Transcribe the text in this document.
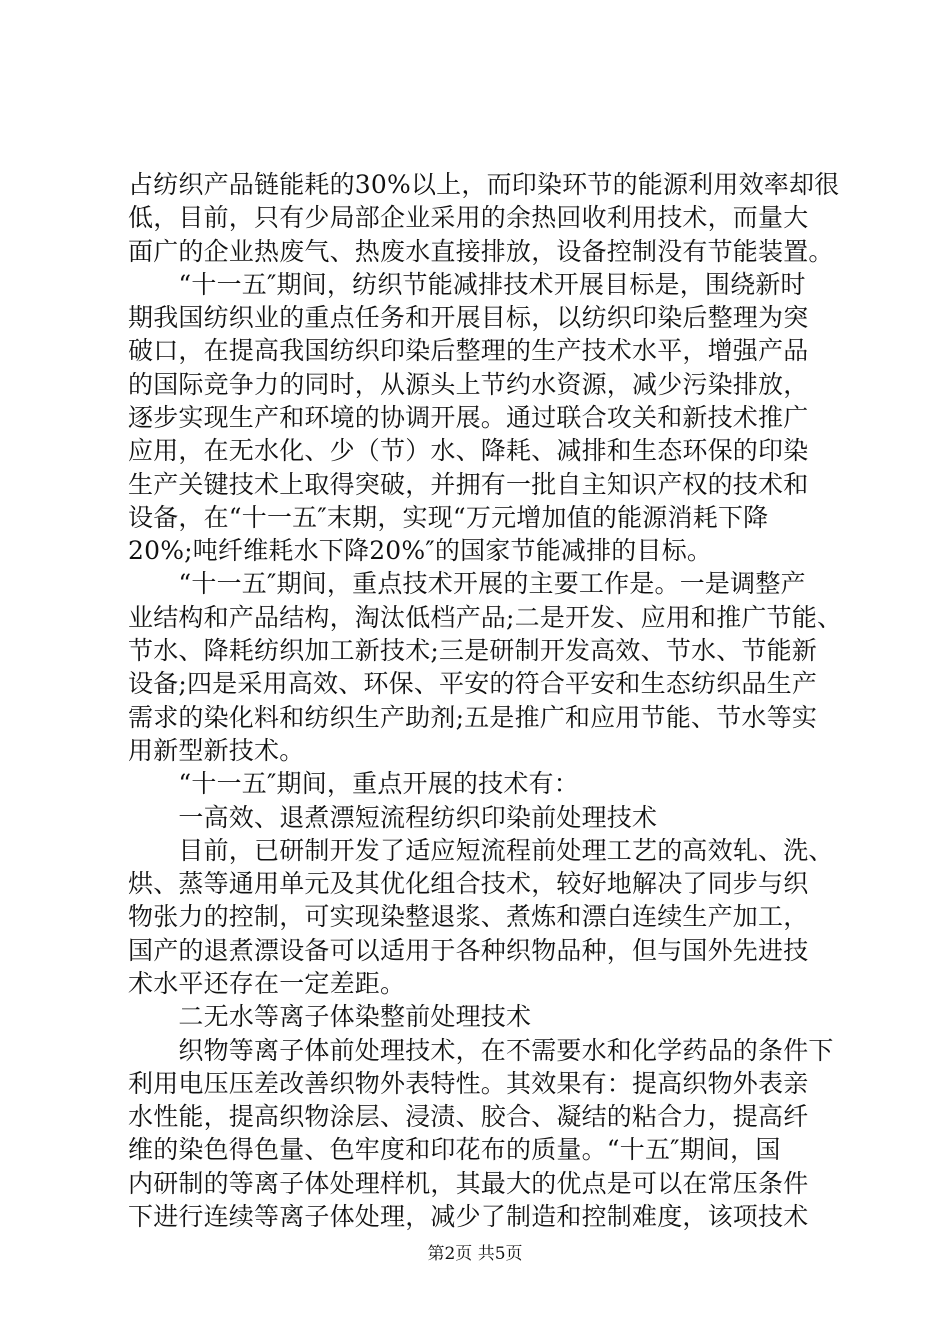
占纺织产品链能耗的30%以上，而印染环节的能源利用效率却很
低，目前，只有少局部企业采用的余热回收利用技术，而量大
面广的企业热废气、热废水直接排放，设备控制没有节能装置。
　　“十一五″期间，纺织节能减排技术开展目标是，围绕新时
期我国纺织业的重点任务和开展目标，以纺织印染后整理为突
破口，在提高我国纺织印染后整理的生产技术水平，增强产品
的国际竞争力的同时，从源头上节约水资源，减少污染排放，
逐步实现生产和环境的协调开展。通过联合攻关和新技术推广
应用，在无水化、少（节）水、降耗、减排和生态环保的印染
生产关键技术上取得突破，并拥有一批自主知识产权的技术和
设备，在“十一五″末期，实现“万元增加值的能源消耗下降
20%;吨纤维耗水下降20%″的国家节能减排的目标。
　　“十一五″期间，重点技术开展的主要工作是。一是调整产
业结构和产品结构，淘汰低档产品;二是开发、应用和推广节能、
节水、降耗纺织加工新技术;三是研制开发高效、节水、节能新
设备;四是采用高效、环保、平安的符合平安和生态纺织品生产
需求的染化料和纺织生产助剂;五是推广和应用节能、节水等实
用新型新技术。
　　“十一五″期间，重点开展的技术有：
　　一高效、退煮漂短流程纺织印染前处理技术
　　目前，已研制开发了适应短流程前处理工艺的高效轧、洗、
烘、蒸等通用单元及其优化组合技术，较好地解决了同步与织
物张力的控制，可实现染整退浆、煮炼和漂白连续生产加工，
国产的退煮漂设备可以适用于各种织物品种，但与国外先进技
术水平还存在一定差距。
　　二无水等离子体染整前处理技术
　　织物等离子体前处理技术，在不需要水和化学药品的条件下
利用电压压差改善织物外表特性。其效果有：提高织物外表亲
水性能，提高织物涂层、浸渍、胶合、凝结的粘合力，提高纤
维的染色得色量、色牢度和印花布的质量。“十五″期间，国
内研制的等离子体处理样机，其最大的优点是可以在常压条件
下进行连续等离子体处理，减少了制造和控制难度，该项技术
第2页 共5页
